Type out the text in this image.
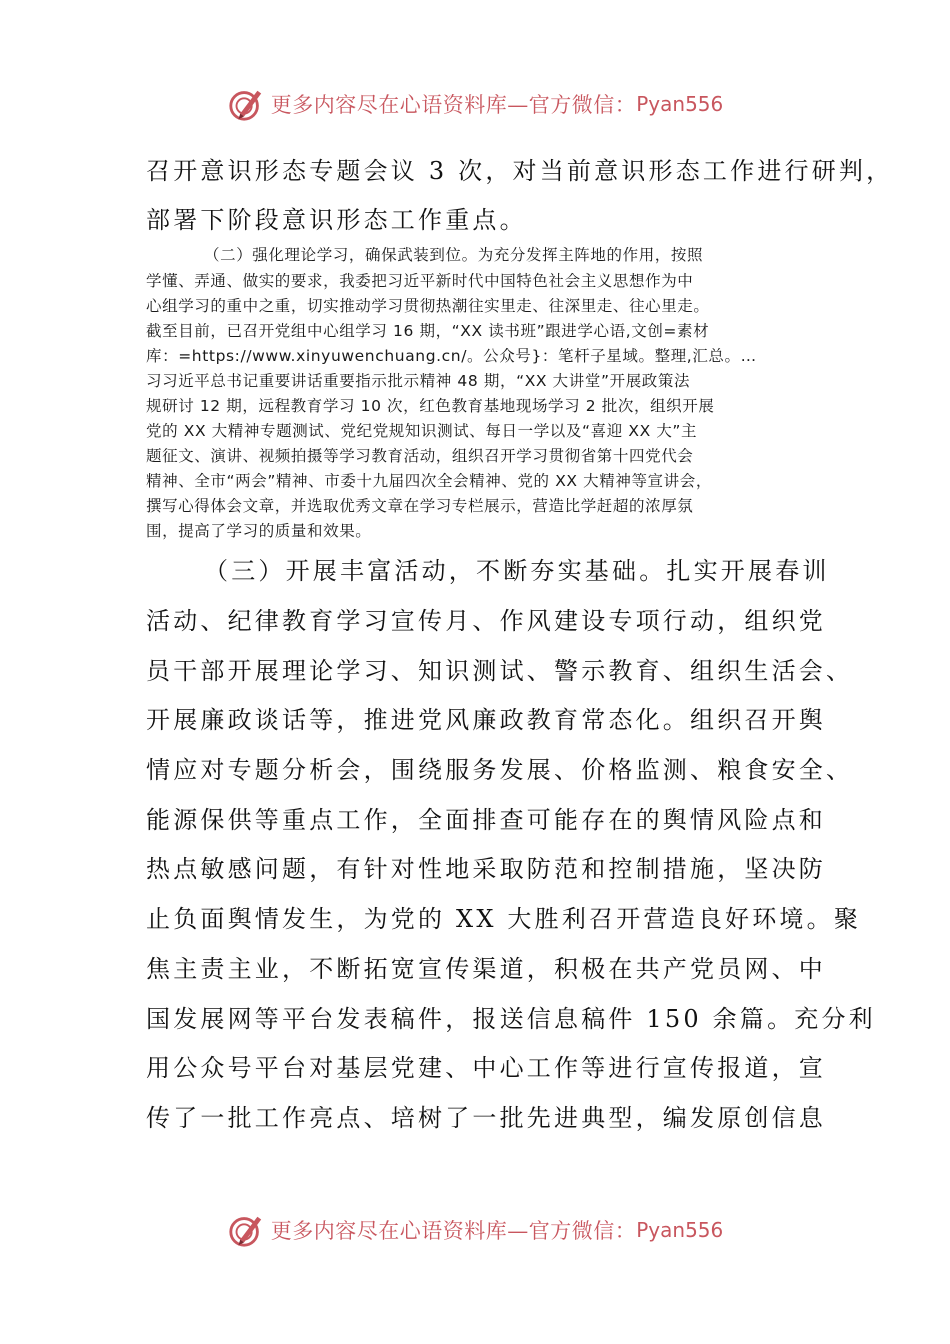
更多内容尽在心语资料库—官方微信： Pyan556
召开意识形态专题会议 3 次，对当前意识形态工作进行研判，
部署下阶段意识形态工作重点。
（二）强化理论学习，确保武装到位。为充分发挥主阵地的作用，按照
学懂、弄通、做实的要求，我委把习近平新时代中国特色社会主义思想作为中
心组学习的重中之重，切实推动学习贯彻热潮往实里走、往深里走、往心里走。
截至目前，已召开党组中心组学习 16 期，“XX 读书班”跟进学心语,文创=素材
库：=https://www.xinyuwenchuang.cn/。公众号}：笔杆子星域。整理,汇总。…
习习近平总书记重要讲话重要指示批示精神 48 期，“XX 大讲堂”开展政策法
规研讨 12 期，远程教育学习 10 次，红色教育基地现场学习 2 批次，组织开展
党的 XX 大精神专题测试、党纪党规知识测试、每日一学以及“喜迎 XX 大”主
题征文、演讲、视频拍摄等学习教育活动，组织召开学习贯彻省第十四党代会
精神、全市“两会”精神、市委十九届四次全会精神、党的 XX 大精神等宣讲会，
撰写心得体会文章，并选取优秀文章在学习专栏展示，营造比学赶超的浓厚氛
围，提高了学习的质量和效果。
（三）开展丰富活动，不断夯实基础。扎实开展春训
活动、纪律教育学习宣传月、作风建设专项行动，组织党
员干部开展理论学习、知识测试、警示教育、组织生活会、
开展廉政谈话等，推进党风廉政教育常态化。组织召开舆
情应对专题分析会，围绕服务发展、价格监测、粮食安全、
能源保供等重点工作，全面排查可能存在的舆情风险点和
热点敏感问题，有针对性地采取防范和控制措施，坚决防
止负面舆情发生，为党的 XX 大胜利召开营造良好环境。聚
焦主责主业，不断拓宽宣传渠道，积极在共产党员网、中
国发展网等平台发表稿件，报送信息稿件 150 余篇。充分利
用公众号平台对基层党建、中心工作等进行宣传报道，宣
传了一批工作亮点、培树了一批先进典型，编发原创信息
更多内容尽在心语资料库—官方微信： Pyan556
